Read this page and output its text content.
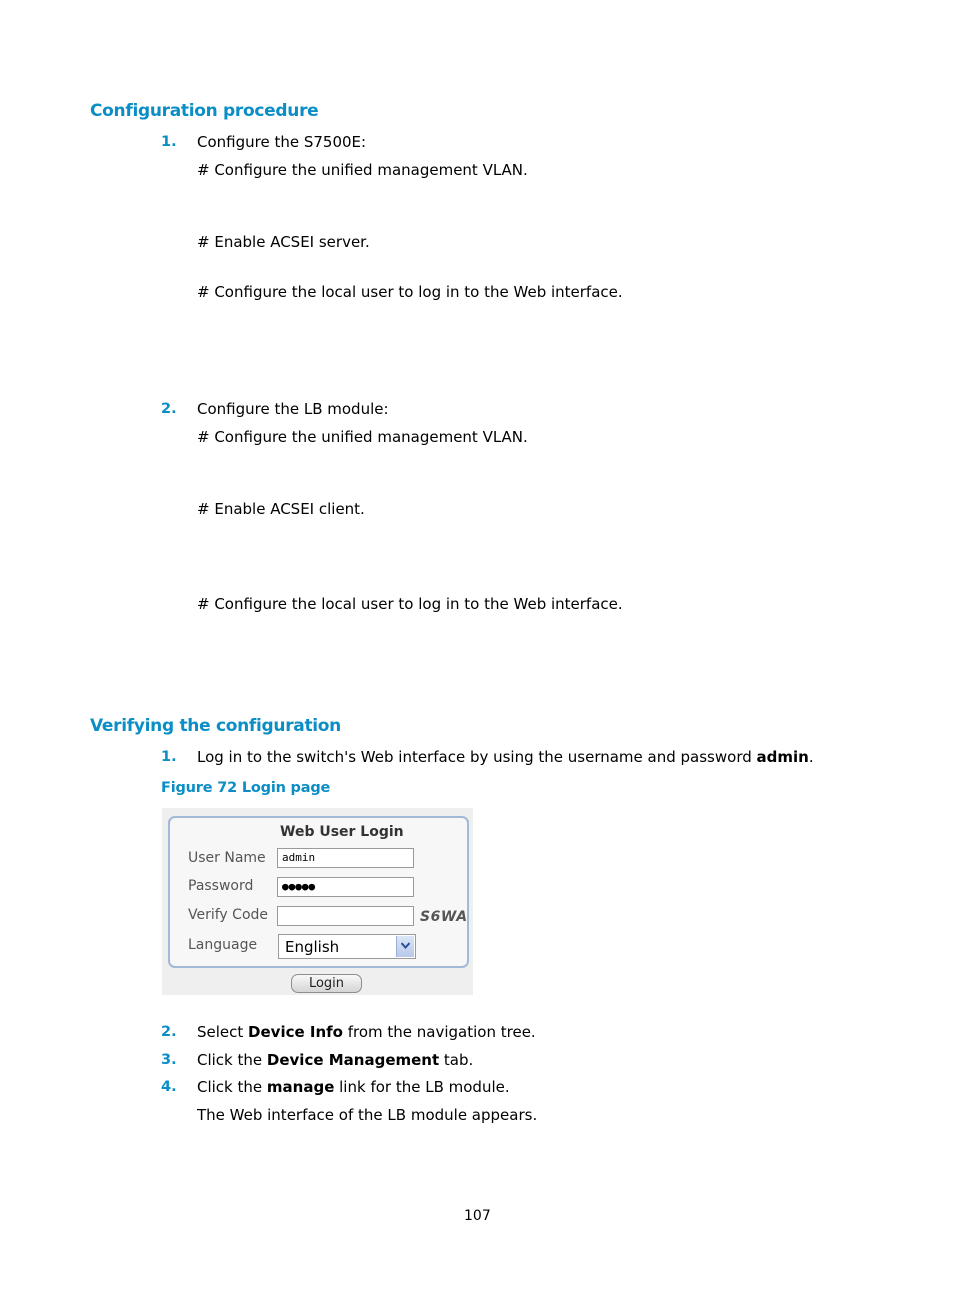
Configuration procedure
1. Configure the S7500E:
# Configure the unified management VLAN.
# Enable ACSEI server.
# Configure the local user to log in to the Web interface.
2. Configure the LB module:
# Configure the unified management VLAN.
# Enable ACSEI client.
# Configure the local user to log in to the Web interface.
Verifying the configuration
1. Log in to the switch's Web interface by using the username and password admin.
Figure 72 Login page
Web User Login
User Name	admin
Password	●●●●●
Verify Code	S6WA
Language English
Login
2. Select Device Info from the navigation tree.
3. Click the Device Management tab.
4. Click the manage link for the LB module.
The Web interface of the LB module appears.
107
